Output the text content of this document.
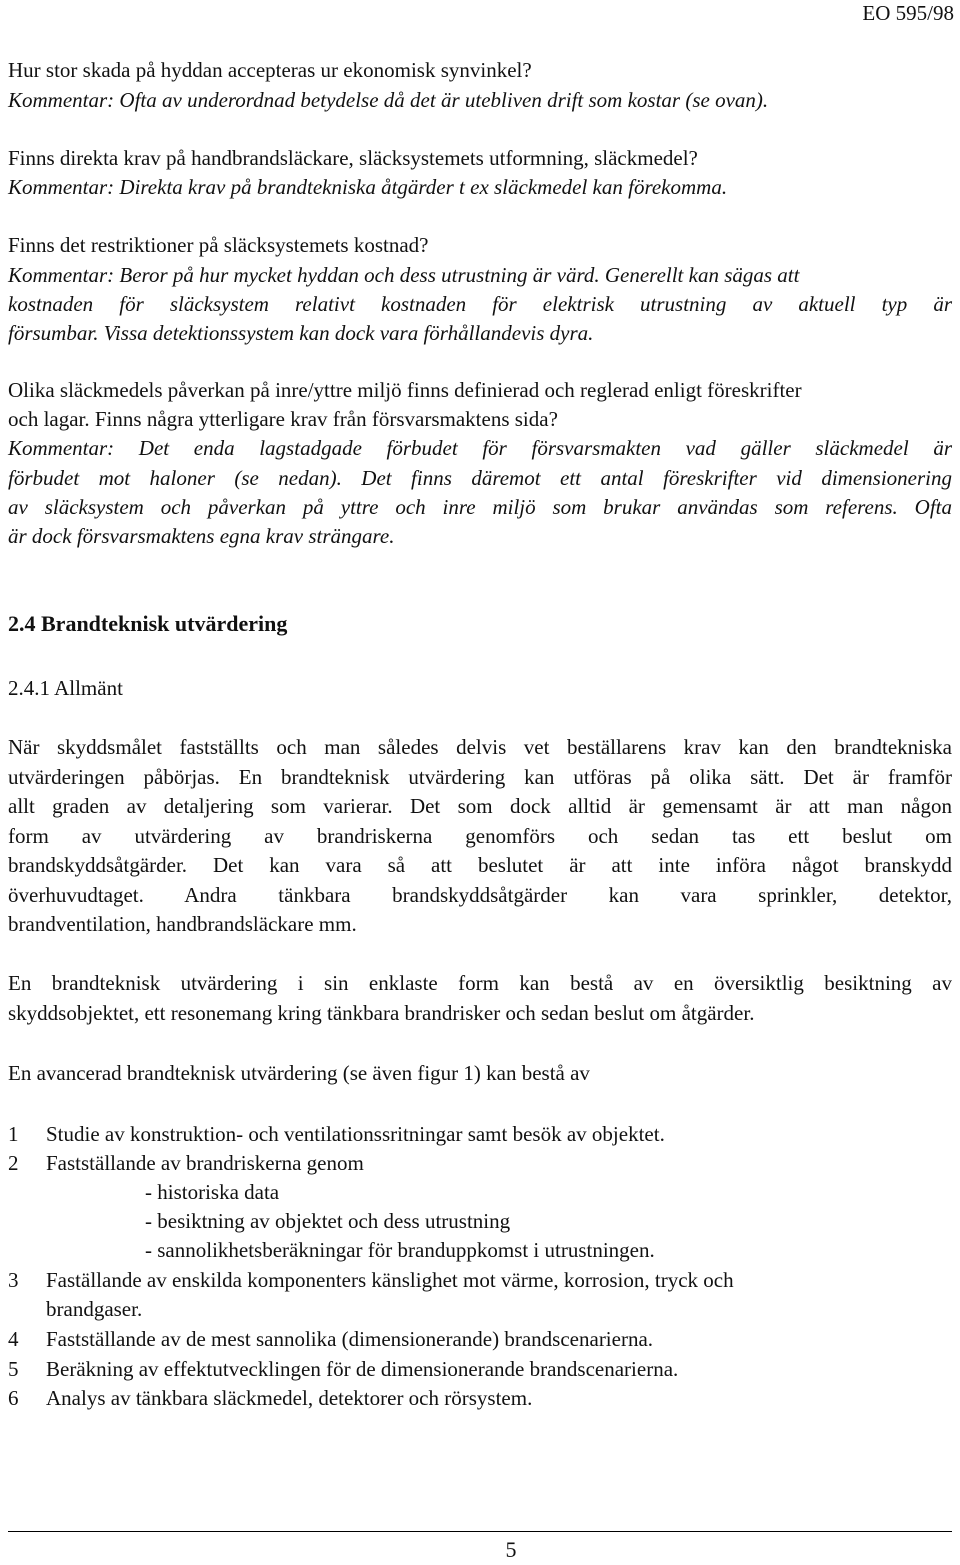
EO 595/98
Hur stor skada på hyddan accepteras ur ekonomisk synvinkel?
Kommentar: Ofta av underordnad betydelse då det är utebliven drift som kostar (se ovan).
Finns direkta krav på handbrandsläckare, släcksystemets utformning, släckmedel?
Kommentar: Direkta krav på brandtekniska åtgärder t ex släckmedel kan förekomma.
Finns det restriktioner på släcksystemets kostnad?
Kommentar: Beror på hur mycket hyddan och dess utrustning är värd. Generellt kan sägas att
kostnaden för släcksystem relativt kostnaden för elektrisk utrustning av aktuell typ är
försumbar. Vissa detektionssystem kan dock vara förhållandevis dyra.
Olika släckmedels påverkan på inre/yttre miljö finns definierad och reglerad enligt föreskrifter
och lagar. Finns några ytterligare krav från försvarsmaktens sida?
Kommentar: Det enda lagstadgade förbudet för försvarsmakten vad gäller släckmedel är
förbudet mot haloner (se nedan). Det finns däremot ett antal föreskrifter vid dimensionering
av släcksystem och påverkan på yttre och inre miljö som brukar användas som referens. Ofta
är dock försvarsmaktens egna krav strängare.
2.4 Brandteknisk utvärdering
2.4.1 Allmänt
När skyddsmålet fastställts och man således delvis vet beställarens krav kan den brandtekniska
utvärderingen påbörjas. En brandteknisk utvärdering kan utföras på olika sätt. Det är framför
allt graden av detaljering som varierar. Det som dock alltid är gemensamt är att man någon
form av utvärdering av brandriskerna genomförs och sedan tas ett beslut om
brandskyddsåtgärder. Det kan vara så att beslutet är att inte införa något branskydd
överhuvudtaget. Andra tänkbara brandskyddsåtgärder kan vara sprinkler, detektor,
brandventilation, handbrandsläckare mm.
En brandteknisk utvärdering i sin enklaste form kan bestå av en översiktlig besiktning av
skyddsobjektet, ett resonemang kring tänkbara brandrisker och sedan beslut om åtgärder.
En avancerad brandteknisk utvärdering (se även figur 1) kan bestå av
1 Studie av konstruktion- och ventilationssritningar samt besök av objektet.
2 Fastställande av brandriskerna genom
- historiska data
- besiktning av objektet och dess utrustning
- sannolikhetsberäkningar för branduppkomst i utrustningen.
3 Faställande av enskilda komponenters känslighet mot värme, korrosion, tryck och
brandgaser.
4 Fastställande av de mest sannolika (dimensionerande) brandscenarierna.
5 Beräkning av effektutvecklingen för de dimensionerande brandscenarierna.
6 Analys av tänkbara släckmedel, detektorer och rörsystem.
5
